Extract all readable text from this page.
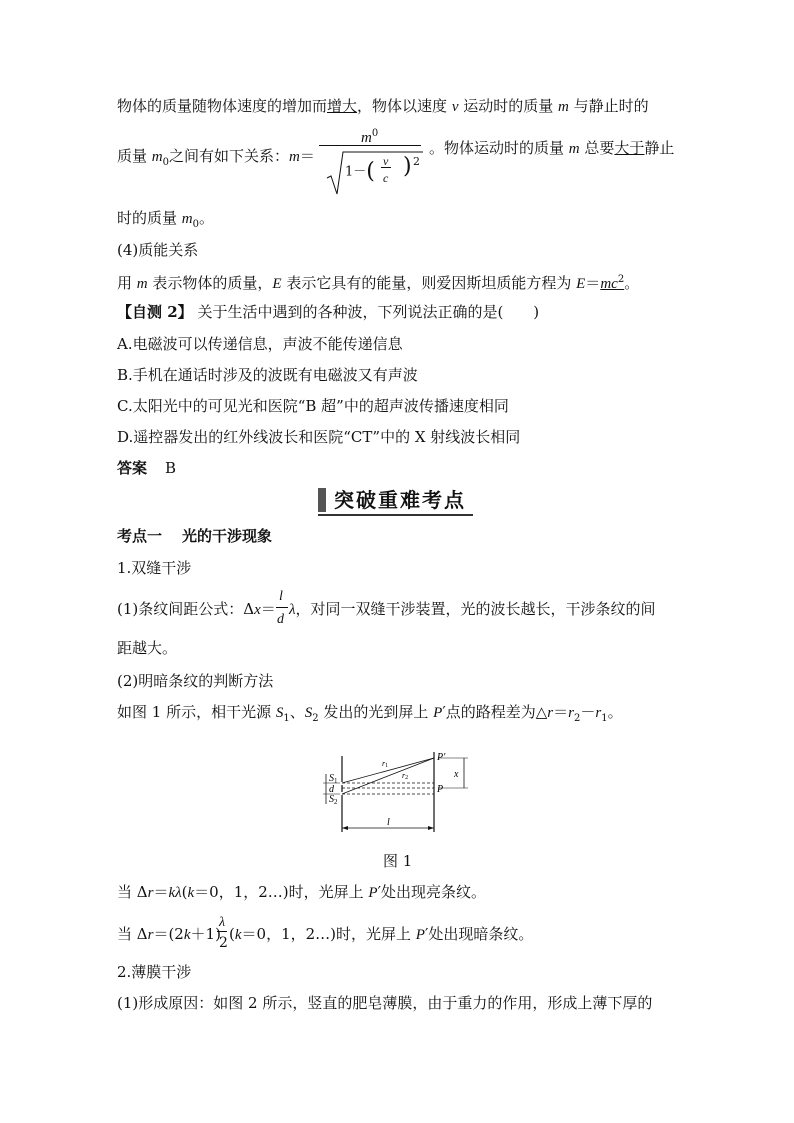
物体的质量随物体速度的增加而增大，物体以速度 v 运动时的质量 m 与静止时的
质量 $m_0$之间有如下关系：m＝
$m^0$
1－( v
c ) 2
。物体运动时的质量 m 总要大于静止
时的质量 $m_0$。
(4)质能关系
用 m 表示物体的质量，E 表示它具有的能量，则爱因斯坦质能方程为 $E=mc^2$。
【自测 2】 关于生活中遇到的各种波，下列说法正确的是(　　)
A.电磁波可以传递信息，声波不能传递信息
B.手机在通话时涉及的波既有电磁波又有声波
C.太阳光中的可见光和医院“B 超”中的超声波传播速度相同
D.遥控器发出的红外线波长和医院“CT”中的 X 射线波长相同
答案 B
突破重难考点
考点一 光的干涉现象
1.双缝干涉
(1)条纹间距公式：Δx＝
l
d
λ，对同一双缝干涉装置，光的波长越长，干涉条纹的间
距越大。
(2)明暗条纹的判断方法
如图 1 所示，相干光源 $S_1$、$S_2$ 发出的光到屏上 P′点的路程差为$\triangle r=r_2-r_1$。
$S_1$
d
$S_2$
r1
r2
P′
P
x
l
图 1
当 Δr＝kλ(k＝0，1，2…)时，光屏上 P′处出现亮条纹。
当 Δr＝(2k＋1)
λ
2 (k＝0，1，2…)时，光屏上 P′处出现暗条纹。
2.薄膜干涉
(1)形成原因：如图 2 所示，竖直的肥皂薄膜，由于重力的作用，形成上薄下厚的
